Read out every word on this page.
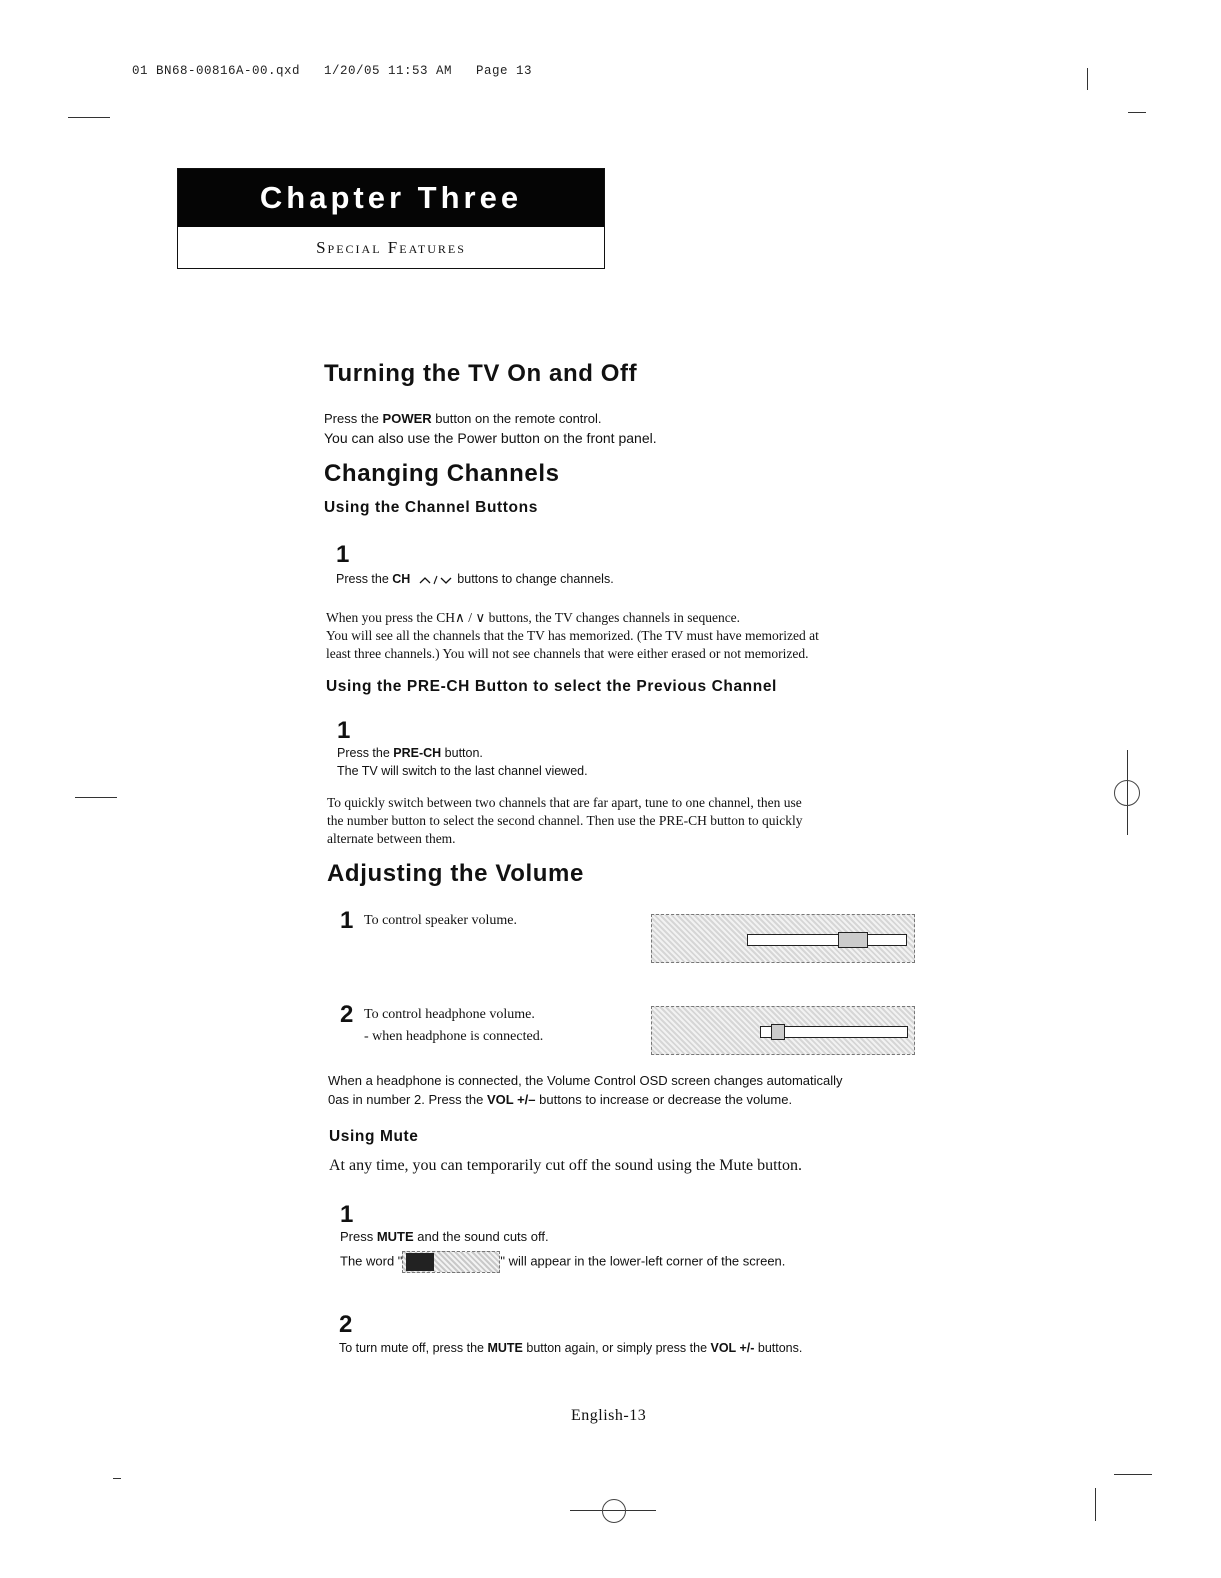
01 BN68-00816A-00.qxd   1/20/05 11:53 AM   Page 13
Chapter Three
Special Features
Turning the TV On and Off
Press the POWER button on the remote control.
You can also use the Power button on the front panel.
Changing Channels
Using the Channel Buttons
1
Press the CH	buttons to change channels.
When you press the CH∧ / ∨ buttons, the TV changes channels in sequence.
You will see all the channels that the TV has memorized. (The TV must have memorized at
least three channels.) You will not see channels that were either erased or not memorized.
Using the PRE-CH Button to select the Previous Channel
1
Press the PRE-CH button.
The TV will switch to the last channel viewed.
To quickly switch between two channels that are far apart, tune to one channel, then use
the number button to select the second channel. Then use the PRE-CH button to quickly
alternate between them.
Adjusting the Volume
1 To control speaker volume.
2 To control headphone volume.
- when headphone is connected.
When a headphone is connected, the Volume Control OSD screen changes automatically
0as in number 2. Press the VOL +/– buttons to increase or decrease the volume.
Using Mute
At any time, you can temporarily cut off the sound using the Mute button.
1
Press MUTE and the sound cuts off.
The word "	" will appear in the lower-left corner of the screen.
2
To turn mute off, press the MUTE button again, or simply press the VOL +/- buttons.
English-13
